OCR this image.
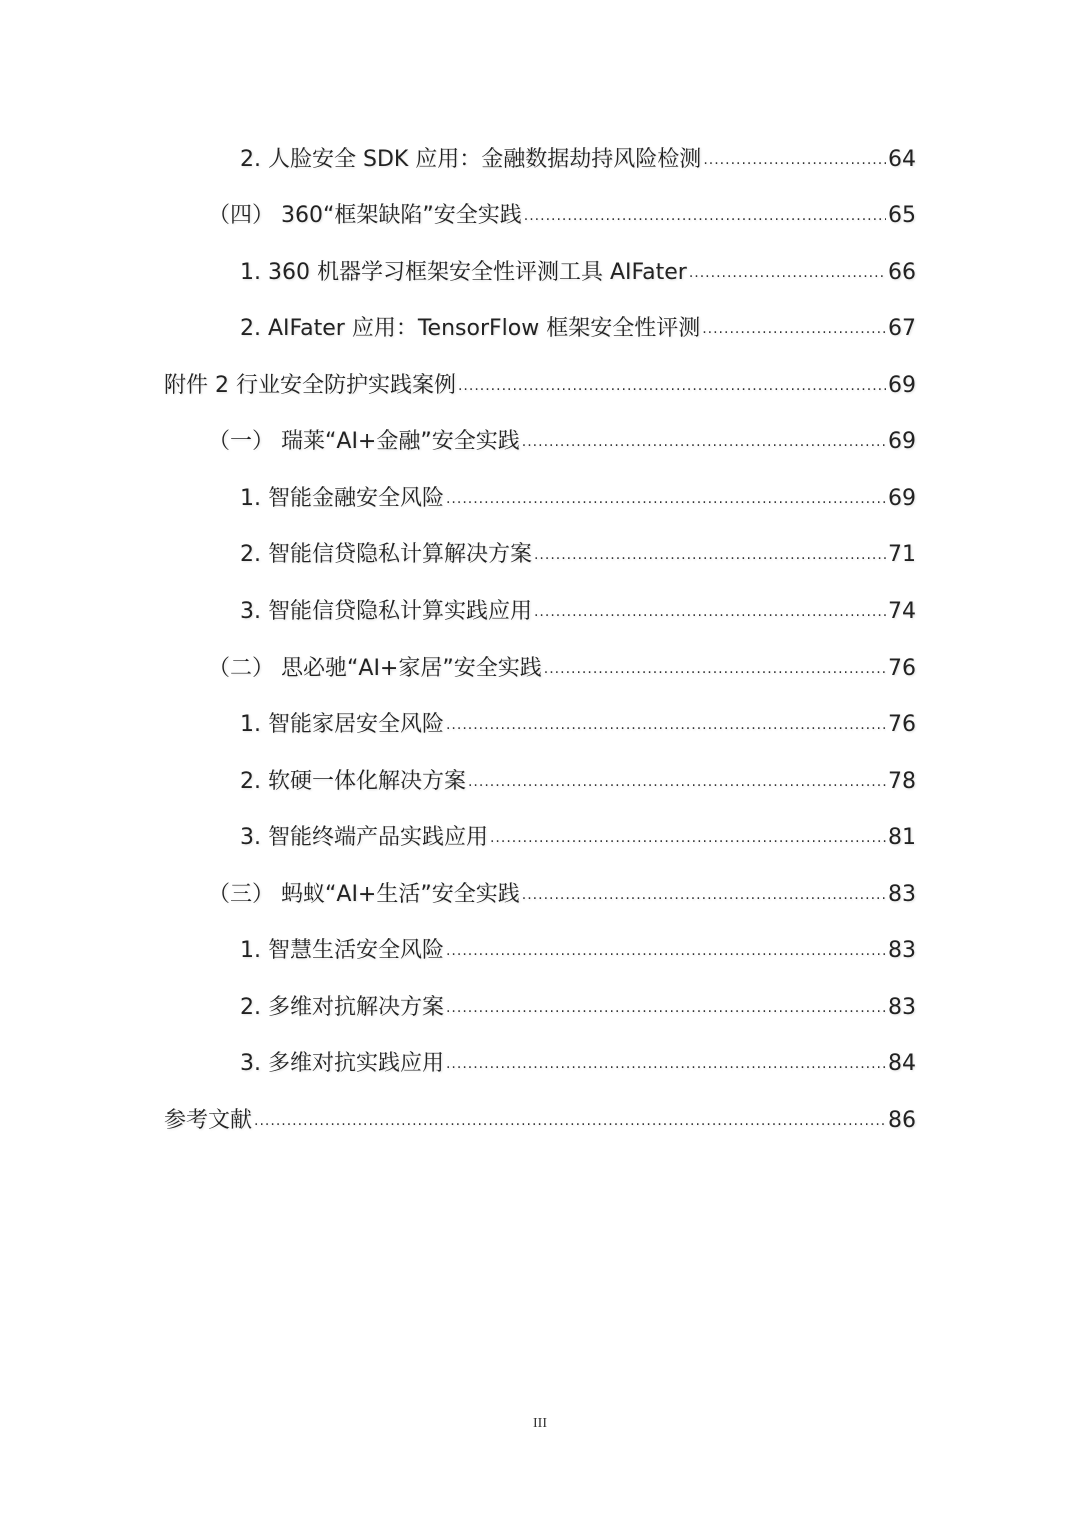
2. 人脸安全 SDK 应用：金融数据劫持风险检测 .....	64
（四） 360“框架缺陷”安全实践 .....	65
1. 360 机器学习框架安全性评测工具 AIFater .....	66
2. AIFater 应用：TensorFlow 框架安全性评测 .....	67
附件 2 行业安全防护实践案例 .....	69
（一） 瑞莱“AI+金融”安全实践 .....	69
1. 智能金融安全风险 .....	69
2. 智能信贷隐私计算解决方案 .....	71
3. 智能信贷隐私计算实践应用 .....	74
（二） 思必驰“AI+家居”安全实践 .....	76
1. 智能家居安全风险 .....	76
2. 软硬一体化解决方案 .....	78
3. 智能终端产品实践应用 .....	81
（三） 蚂蚁“AI+生活”安全实践 .....	83
1. 智慧生活安全风险 .....	83
2. 多维对抗解决方案 .....	83
3. 多维对抗实践应用 .....	84
参考文献 .....	86
III
